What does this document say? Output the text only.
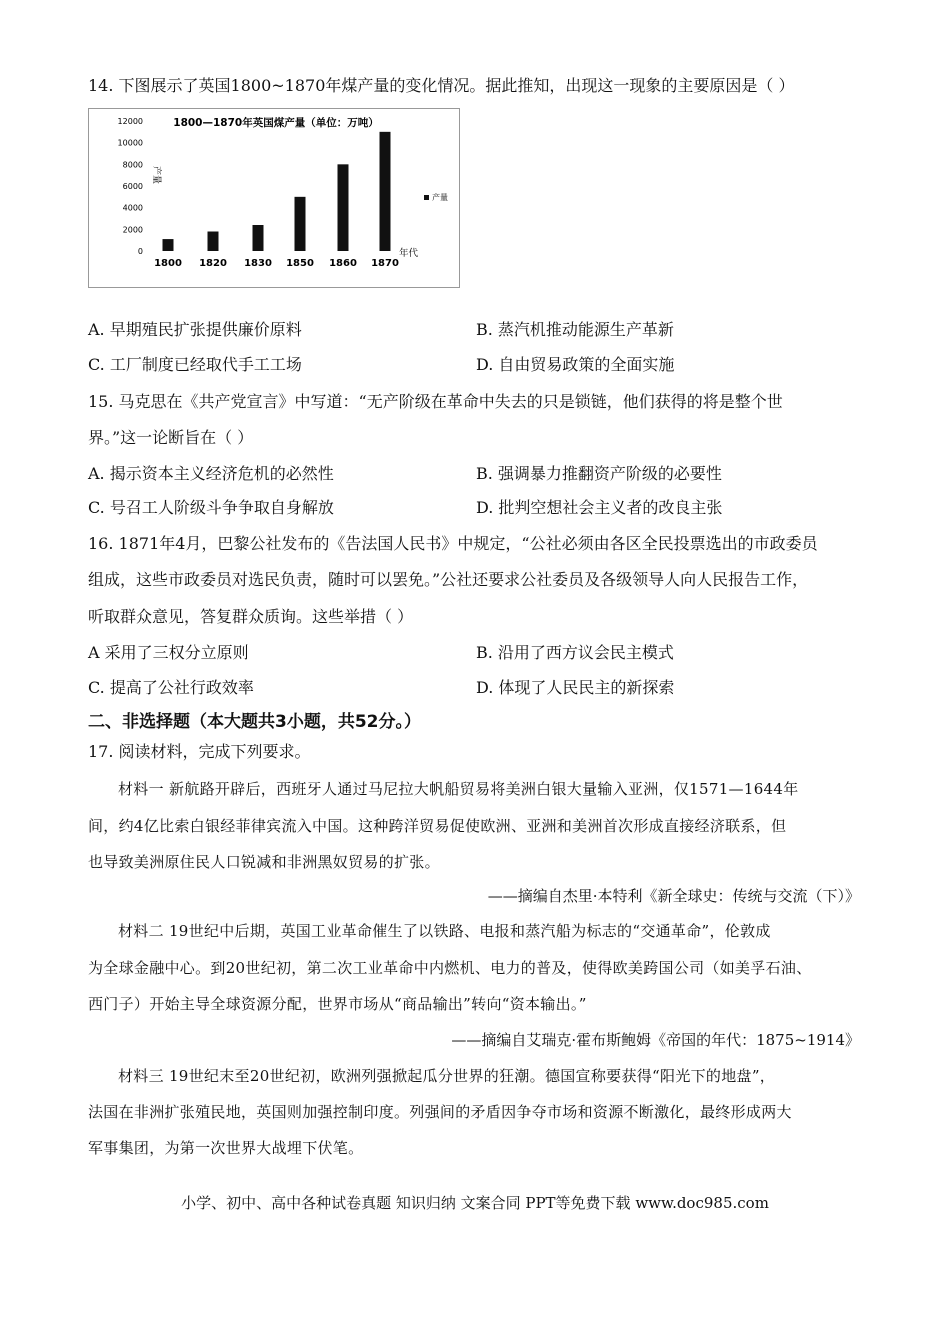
14. 下图展示了英国1800~1870年煤产量的变化情况。据此推知，出现这一现象的主要原因是（ ）
1800—1870年英国煤产量（单位：万吨）
产量
0
2000
4000
6000
8000
10000
12000
1800 1820 1830 1850 1860 1870
年代
产量
A. 早期殖民扩张提供廉价原料	B. 蒸汽机推动能源生产革新
C. 工厂制度已经取代手工工场	D. 自由贸易政策的全面实施
15. 马克思在《共产党宣言》中写道：“无产阶级在革命中失去的只是锁链，他们获得的将是整个世
界。”这一论断旨在（ ）
A. 揭示资本主义经济危机的必然性	B. 强调暴力推翻资产阶级的必要性
C. 号召工人阶级斗争争取自身解放	D. 批判空想社会主义者的改良主张
16. 1871年4月，巴黎公社发布的《告法国人民书》中规定，“公社必须由各区全民投票选出的市政委员
组成，这些市政委员对选民负责，随时可以罢免。”公社还要求公社委员及各级领导人向人民报告工作，
听取群众意见，答复群众质询。这些举措（ ）
A 采用了三权分立原则	B. 沿用了西方议会民主模式
C. 提高了公社行政效率	D. 体现了人民民主的新探索
二、非选择题（本大题共3小题，共52分。）
17. 阅读材料，完成下列要求。
材料一 新航路开辟后，西班牙人通过马尼拉大帆船贸易将美洲白银大量输入亚洲，仅1571—1644年
间，约4亿比索白银经菲律宾流入中国。这种跨洋贸易促使欧洲、亚洲和美洲首次形成直接经济联系，但
也导致美洲原住民人口锐减和非洲黑奴贸易的扩张。
——摘编自杰里·本特利《新全球史：传统与交流（下）》
材料二 19世纪中后期，英国工业革命催生了以铁路、电报和蒸汽船为标志的“交通革命”，伦敦成
为全球金融中心。到20世纪初，第二次工业革命中内燃机、电力的普及，使得欧美跨国公司（如美孚石油、
西门子）开始主导全球资源分配，世界市场从“商品输出”转向“资本输出。”
——摘编自艾瑞克·霍布斯鲍姆《帝国的年代：1875~1914》
材料三 19世纪末至20世纪初，欧洲列强掀起瓜分世界的狂潮。德国宣称要获得“阳光下的地盘”，
法国在非洲扩张殖民地，英国则加强控制印度。列强间的矛盾因争夺市场和资源不断激化，最终形成两大
军事集团，为第一次世界大战埋下伏笔。
小学、初中、高中各种试卷真题 知识归纳 文案合同 PPT等免费下载 www.doc985.com
